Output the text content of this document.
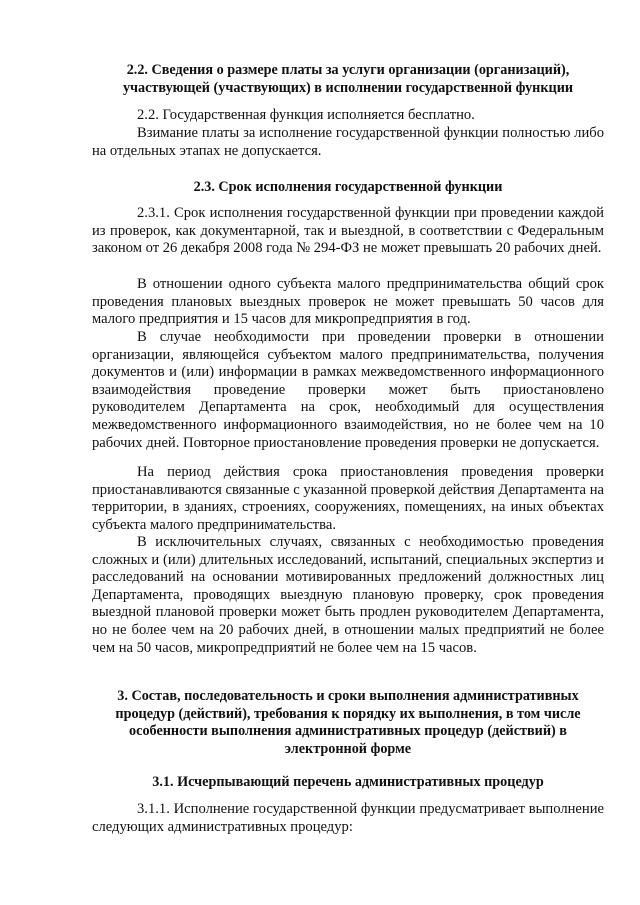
2.2. Сведения о размере платы за услуги организации (организаций), участвующей (участвующих) в исполнении государственной функции
2.2. Государственная функция исполняется бесплатно.
Взимание платы за исполнение государственной функции полностью либо на отдельных этапах не допускается.
2.3. Срок исполнения государственной функции
2.3.1. Срок исполнения государственной функции при проведении каждой из проверок, как документарной, так и выездной, в соответствии с Федеральным законом от 26 декабря 2008 года № 294-ФЗ не может превышать 20 рабочих дней.
В отношении одного субъекта малого предпринимательства общий срок проведения плановых выездных проверок не может превышать 50 часов для малого предприятия и 15 часов для микропредприятия в год.
В случае необходимости при проведении проверки в отношении организации, являющейся субъектом малого предпринимательства, получения документов и (или) информации в рамках межведомственного информационного взаимодействия проведение проверки может быть приостановлено руководителем Департамента на срок, необходимый для осуществления межведомственного информационного взаимодействия, но не более чем на 10 рабочих дней. Повторное приостановление проведения проверки не допускается.
На период действия срока приостановления проведения проверки приостанавливаются связанные с указанной проверкой действия Департамента на территории, в зданиях, строениях, сооружениях, помещениях, на иных объектах субъекта малого предпринимательства.
В исключительных случаях, связанных с необходимостью проведения сложных и (или) длительных исследований, испытаний, специальных экспертиз и расследований на основании мотивированных предложений должностных лиц Департамента, проводящих выездную плановую проверку, срок проведения выездной плановой проверки может быть продлен руководителем Департамента, но не более чем на 20 рабочих дней, в отношении малых предприятий не более чем на 50 часов, микропредприятий не более чем на 15 часов.
3. Состав, последовательность и сроки выполнения административных процедур (действий), требования к порядку их выполнения, в том числе особенности выполнения административных процедур (действий) в электронной форме
3.1. Исчерпывающий перечень административных процедур
3.1.1. Исполнение государственной функции предусматривает выполнение следующих административных процедур:
